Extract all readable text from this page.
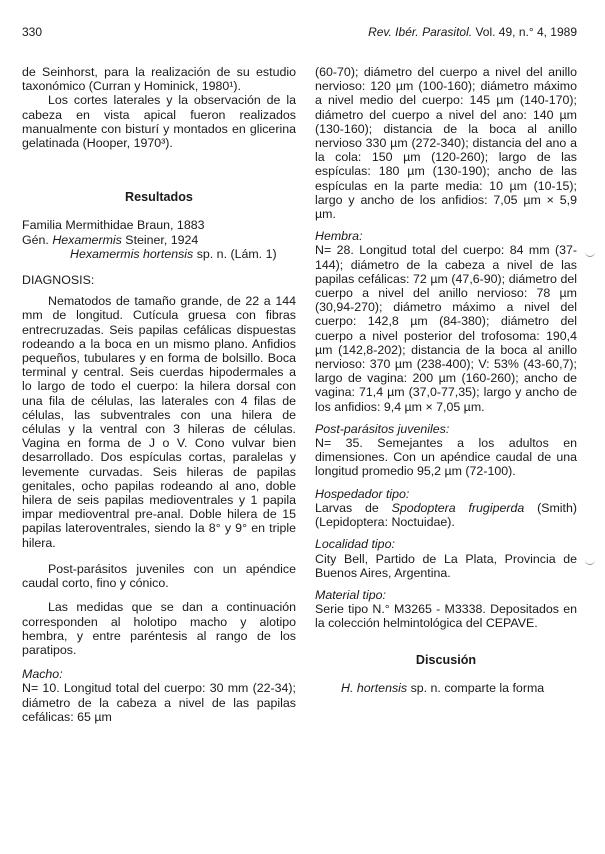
330	Rev. Ibér. Parasitol. Vol. 49, n.° 4, 1989

de Seinhorst, para la realización de su estudio taxonómico (Curran y Hominick, 1980¹).

Los cortes laterales y la observación de la cabeza en vista apical fueron realizados manualmente con bisturí y montados en glicerina gelatinada (Hooper, 1970³).

Resultados

Familia Mermithidae Braun, 1883

Gén. Hexamermis Steiner, 1924

Hexamermis hortensis sp. n. (Lám. 1)

DIAGNOSIS:

Nematodos de tamaño grande, de 22 a 144 mm de longitud. Cutícula gruesa con fibras entrecruzadas. Seis papilas cefálicas dispuestas rodeando a la boca en un mismo plano. Anfidios pequeños, tubulares y en forma de bolsillo. Boca terminal y central. Seis cuerdas hipodermales a lo largo de todo el cuerpo: la hilera dorsal con una fila de células, las laterales con 4 filas de células, las subventrales con una hilera de células y la ventral con 3 hileras de células. Vagina en forma de J o V. Cono vulvar bien desarrollado. Dos espículas cortas, paralelas y levemente curvadas. Seis hileras de papilas genitales, ocho papilas rodeando al ano, doble hilera de seis papilas medioventrales y 1 papila impar medioventral pre-anal. Doble hilera de 15 papilas lateroventrales, siendo la 8° y 9° en triple hilera.

Post-parásitos juveniles con un apéndice caudal corto, fino y cónico.

Las medidas que se dan a continuación corresponden al holotipo macho y alotipo hembra, y entre paréntesis al rango de los paratipos.

Macho:

N= 10. Longitud total del cuerpo: 30 mm (22-34); diámetro de la cabeza a nivel de las papilas cefálicas: 65 µm

(60-70); diámetro del cuerpo a nivel del anillo nervioso: 120 µm (100-160); diámetro máximo a nivel medio del cuerpo: 145 µm (140-170); diámetro del cuerpo a nivel del ano: 140 µm (130-160); distancia de la boca al anillo nervioso 330 µm (272-340); distancia del ano a la cola: 150 µm (120-260); largo de las espículas: 180 µm (130-190); ancho de las espículas en la parte media: 10 µm (10-15); largo y ancho de los anfidios: 7,05 µm × 5,9 µm.

Hembra:

N= 28. Longitud total del cuerpo: 84 mm (37-144); diámetro de la cabeza a nivel de las papilas cefálicas: 72 µm (47,6-90); diámetro del cuerpo a nivel del anillo nervioso: 78 µm (30,94-270); diámetro máximo a nivel del cuerpo: 142,8 µm (84-380); diámetro del cuerpo a nivel posterior del trofosoma: 190,4 µm (142,8-202); distancia de la boca al anillo nervioso: 370 µm (238-400); V: 53% (43-60,7); largo de vagina: 200 µm (160-260); ancho de vagina: 71,4 µm (37,0-77,35); largo y ancho de los anfidios: 9,4 µm × 7,05 µm.

Post-parásitos juveniles:

N= 35. Semejantes a los adultos en dimensiones. Con un apéndice caudal de una longitud promedio 95,2 µm (72-100).

Hospedador tipo:

Larvas de Spodoptera frugiperda (Smith) (Lepidoptera: Noctuidae).

Localidad tipo:

City Bell, Partido de La Plata, Provincia de Buenos Aires, Argentina.

Material tipo:

Serie tipo N.° M3265 - M3338. Depositados en la colección helmintológica del CEPAVE.

Discusión

H. hortensis sp. n. comparte la forma
